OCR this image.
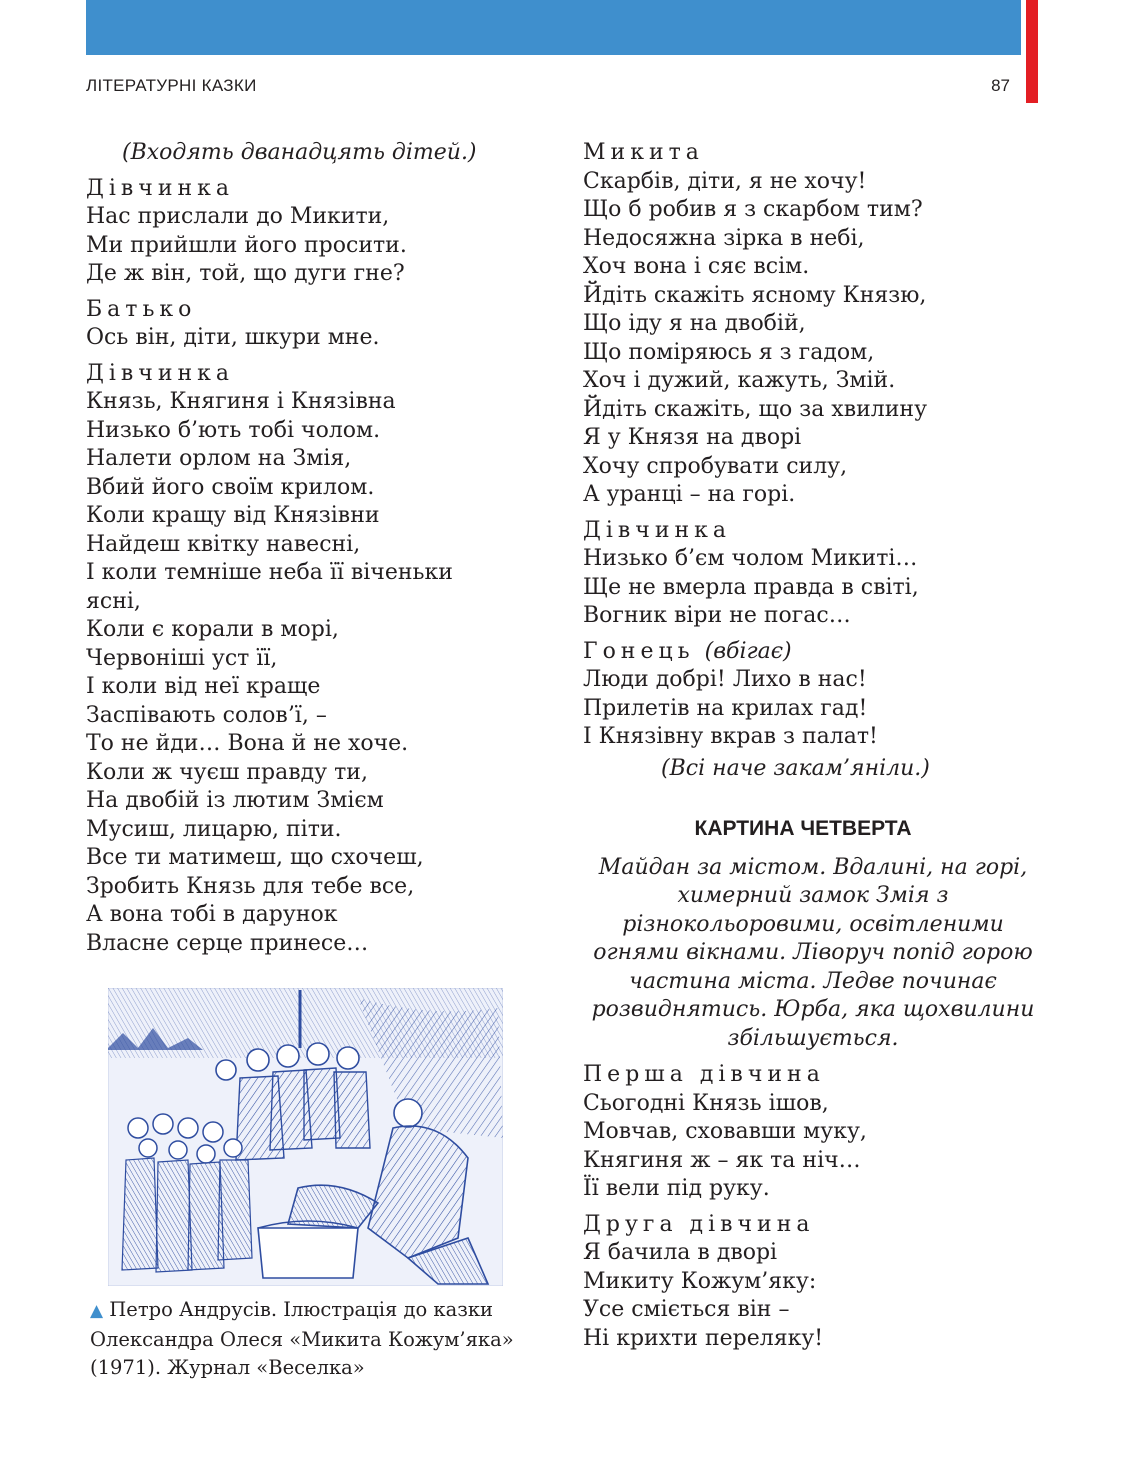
ЛІТЕРАТУРНІ КАЗКИ	87
(Входять дванадцять дітей.)
Дівчинка
Нас прислали до Микити,
Ми прийшли його просити.
Де ж він, той, що дуги гне?
Батько
Ось він, діти, шкури мне.
Дівчинка
Князь, Княгиня і Князівна
Низько б’ють тобі чолом.
Налети орлом на Змія,
Вбий його своїм крилом.
Коли кращу від Князівни
Найдеш квітку навесні,
І коли темніше неба її віченьки
ясні,
Коли є корали в морі,
Червоніші уст її,
І коли від неї краще
Заспівають солов’ї, –
То не йди… Вона й не хоче.
Коли ж чуєш правду ти,
На двобій із лютим Змієм
Мусиш, лицарю, піти.
Все ти матимеш, що схочеш,
Зробить Князь для тебе все,
А вона тобі в дарунок
Власне серце принесе…
▲ Петро Андрусів. Ілюстрація до казки Олександра Олеся «Микита Кожум’яка» (1971). Журнал «Веселка»
Микита
Скарбів, діти, я не хочу!
Що б робив я з скарбом тим?
Недосяжна зірка в небі,
Хоч вона і сяє всім.
Йдіть скажіть ясному Князю,
Що іду я на двобій,
Що поміряюсь я з гадом,
Хоч і дужий, кажуть, Змій.
Йдіть скажіть, що за хвилину
Я у Князя на дворі
Хочу спробувати силу,
А уранці – на горі.
Дівчинка
Низько б’єм чолом Микиті…
Ще не вмерла правда в світі,
Вогник віри не погас…
Гонець (вбігає)
Люди добрі! Лихо в нас!
Прилетів на крилах гад!
І Князівну вкрав з палат!
(Всі наче закам’яніли.)
КАРТИНА ЧЕТВЕРТА
Майдан за містом. Вдалині, на горі, химерний замок Змія з різнокольоровими, освітленими огнями вікнами. Ліворуч попід горою частина міста. Ледве починає розвиднятись. Юрба, яка щохвилини збільшується.
Перша дівчина
Сьогодні Князь ішов,
Мовчав, сховавши муку,
Княгиня ж – як та ніч…
Її вели під руку.
Друга дівчина
Я бачила в дворі
Микиту Кожум’яку:
Усе сміється він –
Ні крихти переляку!
